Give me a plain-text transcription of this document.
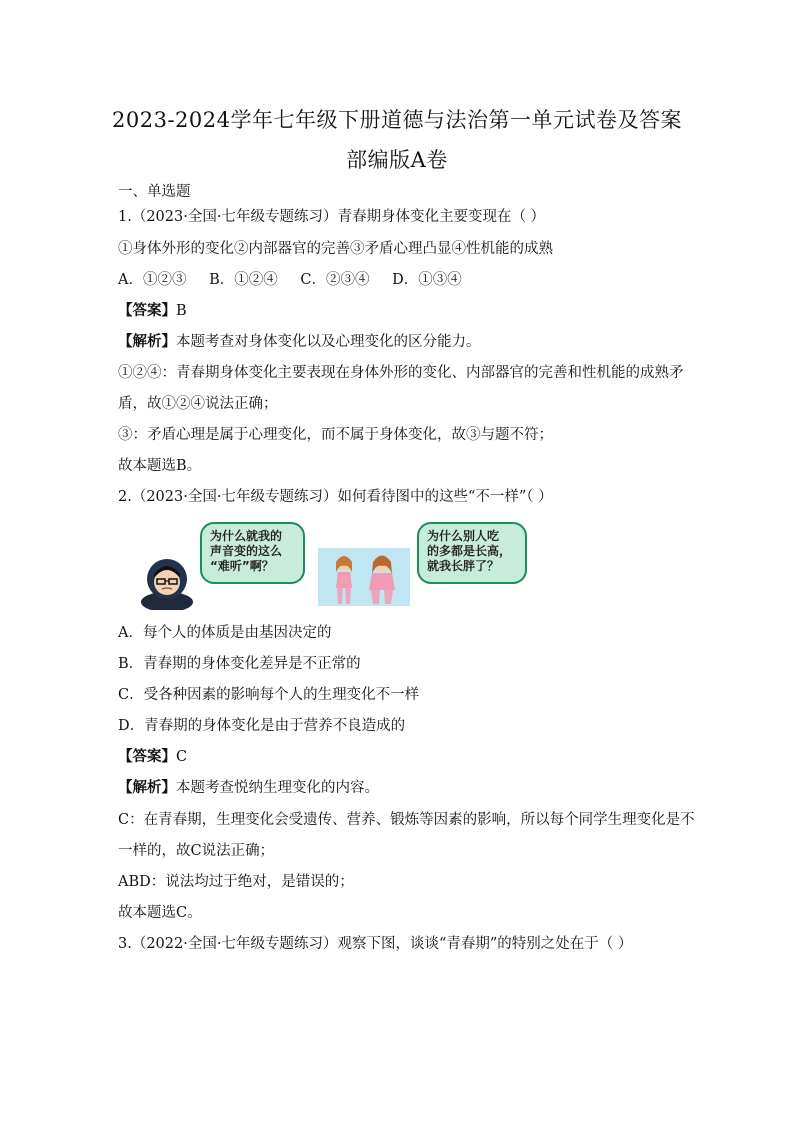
2023-2024学年七年级下册道德与法治第一单元试卷及答案
部编版A卷
一、单选题
1.（2023·全国·七年级专题练习）青春期身体变化主要变现在（ ）
①身体外形的变化②内部器官的完善③矛盾心理凸显④性机能的成熟
A．①②③ B．①②④ C．②③④ D．①③④
【答案】B
【解析】本题考查对身体变化以及心理变化的区分能力。
①②④：青春期身体变化主要表现在身体外形的变化、内部器官的完善和性机能的成熟矛
盾，故①②④说法正确；
③：矛盾心理是属于心理变化，而不属于身体变化，故③与题不符；
故本题选B。
2.（2023·全国·七年级专题练习）如何看待图中的这些“不一样”（ ）
为什么就我的
声音变的这么
“难听”啊？
为什么别人吃
的多都是长高，
就我长胖了？
A．每个人的体质是由基因决定的
B．青春期的身体变化差异是不正常的
C．受各种因素的影响每个人的生理变化不一样
D．青春期的身体变化是由于营养不良造成的
【答案】C
【解析】本题考查悦纳生理变化的内容。
C：在青春期，生理变化会受遗传、营养、锻炼等因素的影响，所以每个同学生理变化是不
一样的，故C说法正确；
ABD：说法均过于绝对，是错误的；
故本题选C。
3.（2022·全国·七年级专题练习）观察下图，谈谈“青春期”的特别之处在于（ ）
